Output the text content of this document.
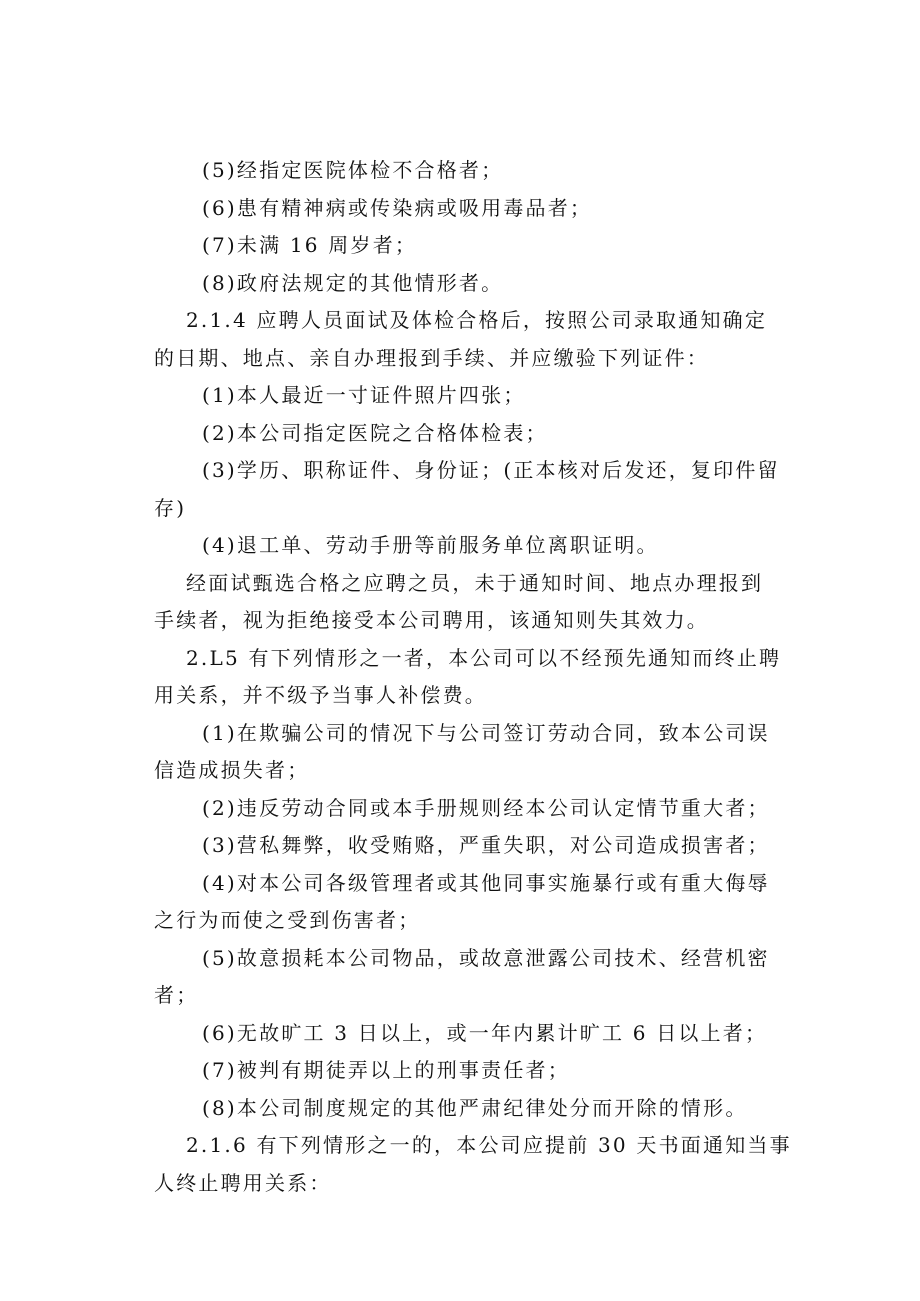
(5)经指定医院体检不合格者；

(6)患有精神病或传染病或吸用毒品者；

(7)未满 16 周岁者；

(8)政府法规定的其他情形者。

2.1.4 应聘人员面试及体检合格后，按照公司录取通知确定

的日期、地点、亲自办理报到手续、并应缴验下列证件：

(1)本人最近一寸证件照片四张；

(2)本公司指定医院之合格体检表；

(3)学历、职称证件、身份证；(正本核对后发还，复印件留

存)

(4)退工单、劳动手册等前服务单位离职证明。

经面试甄选合格之应聘之员，未于通知时间、地点办理报到

手续者，视为拒绝接受本公司聘用，该通知则失其效力。

2.L5 有下列情形之一者，本公司可以不经预先通知而终止聘

用关系，并不级予当事人补偿费。

(1)在欺骗公司的情况下与公司签订劳动合同，致本公司误

信造成损失者；

(2)违反劳动合同或本手册规则经本公司认定情节重大者；

(3)营私舞弊，收受贿赂，严重失职，对公司造成损害者；

(4)对本公司各级管理者或其他同事实施暴行或有重大侮辱

之行为而使之受到伤害者；

(5)故意损耗本公司物品，或故意泄露公司技术、经营机密

者；

(6)无故旷工 3 日以上，或一年内累计旷工 6 日以上者；

(7)被判有期徒弄以上的刑事责任者；

(8)本公司制度规定的其他严肃纪律处分而开除的情形。

2.1.6 有下列情形之一的，本公司应提前 30 天书面通知当事

人终止聘用关系：
